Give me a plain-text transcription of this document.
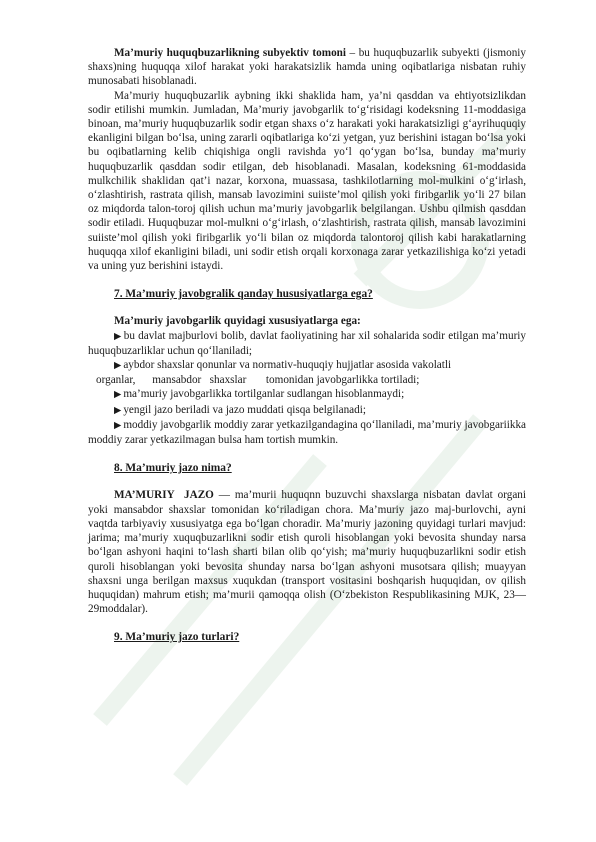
Ma’muriy huquqbuzarlikning subyektiv tomoni – bu huquqbuzarlik subyekti (jismoniy shaxs)ning huquqqa xilof harakat yoki harakatsizlik hamda uning oqibatlariga nisbatan ruhiy munosabati hisoblanadi.

Ma’muriy huquqbuzarlik aybning ikki shaklida ham, ya’ni qasddan va ehtiyotsizlikdan sodir etilishi mumkin. Jumladan, Ma’muriy javobgarlik to‘g‘risidagi kodeksning 11-moddasiga binoan, ma’muriy huquqbuzarlik sodir etgan shaxs o‘z harakati yoki harakatsizligi g‘ayrihuquqiy ekanligini bilgan bo‘lsa, uning zararli oqibatlariga ko‘zi yetgan, yuz berishini istagan bo‘lsa yoki bu oqibatlarning kelib chiqishiga ongli ravishda yo‘l qo‘ygan bo‘lsa, bunday ma’muriy huquqbuzarlik qasddan sodir etilgan, deb hisoblanadi. Masalan, kodeksning 61-moddasida mulkchilik shaklidan qat’i nazar, korxona, muassasa, tashkilotlarning mol-mulkini o‘g‘irlash, o‘zlashtirish, rastrata qilish, mansab lavozimini suiiste’mol qilish yoki firibgarlik yo‘li 27 bilan oz miqdorda talon-toroj qilish uchun ma’muriy javobgarlik belgilangan. Ushbu qilmish qasddan sodir etiladi. Huquqbuzar mol-mulkni o‘g‘irlash, o‘zlashtirish, rastrata qilish, mansab lavozimini suiiste’mol qilish yoki firibgarlik yo‘li bilan oz miqdorda talontoroj qilish kabi harakatlarning huquqqa xilof ekanligini biladi, uni sodir etish orqali korxonaga zarar yetkazilishiga ko‘zi yetadi va uning yuz berishini istaydi.

7. Ma’muriy javobgralik qanday hususiyatlarga ega?

Ma’muriy javobgarlik quyidagi xususiyatlarga ega:

▶ bu davlat majburlovi bolib, davlat faoliyatining har xil sohalarida sodir etilgan ma’muriy huquqbuzarliklar uchun qo‘llaniladi;

▶ aybdor shaxslar qonunlar va normativ-huquqiy hujjatlar asosida vakolatli

organlar,      mansabdor   shaxslar       tomonidan javobgarlikka tortiladi;

▶ ma’muriy javobgarlikka tortilganlar sudlangan hisoblanmaydi;

▶ yengil jazo beriladi va jazo muddati qisqa belgilanadi;

▶ moddiy javobgarlik moddiy zarar yetkazilgandagina qo‘llaniladi, ma’muriy javobgariikka moddiy zarar yetkazilmagan bulsa ham tortish mumkin.

8. Ma’muriy jazo nima?

MA’MURIY  JAZO — ma’murii huquqnn buzuvchi shaxslarga nisbatan davlat organi yoki mansabdor shaxslar tomonidan ko‘riladigan chora. Ma’muriy jazo maj-burlovchi, ayni vaqtda tarbiyaviy xususiyatga ega bo‘lgan choradir. Ma’muriy jazoning quyidagi turlari mavjud: jarima; ma’muriy xuquqbuzarlikni sodir etish quroli hisoblangan yoki bevosita shunday narsa bo‘lgan ashyoni haqini to‘lash sharti bilan olib qo‘yish; ma’muriy huquqbuzarlikni sodir etish quroli hisoblangan yoki bevosita shunday narsa bo‘lgan ashyoni musotsara qilish; muayyan shaxsni unga berilgan maxsus xuqukdan (transport vositasini boshqarish huquqidan, ov qilish huquqidan) mahrum etish; ma’murii qamoqqa olish (O‘zbekiston Respublikasining MJK, 23—29moddalar).

9. Ma’muriy jazo turlari?
